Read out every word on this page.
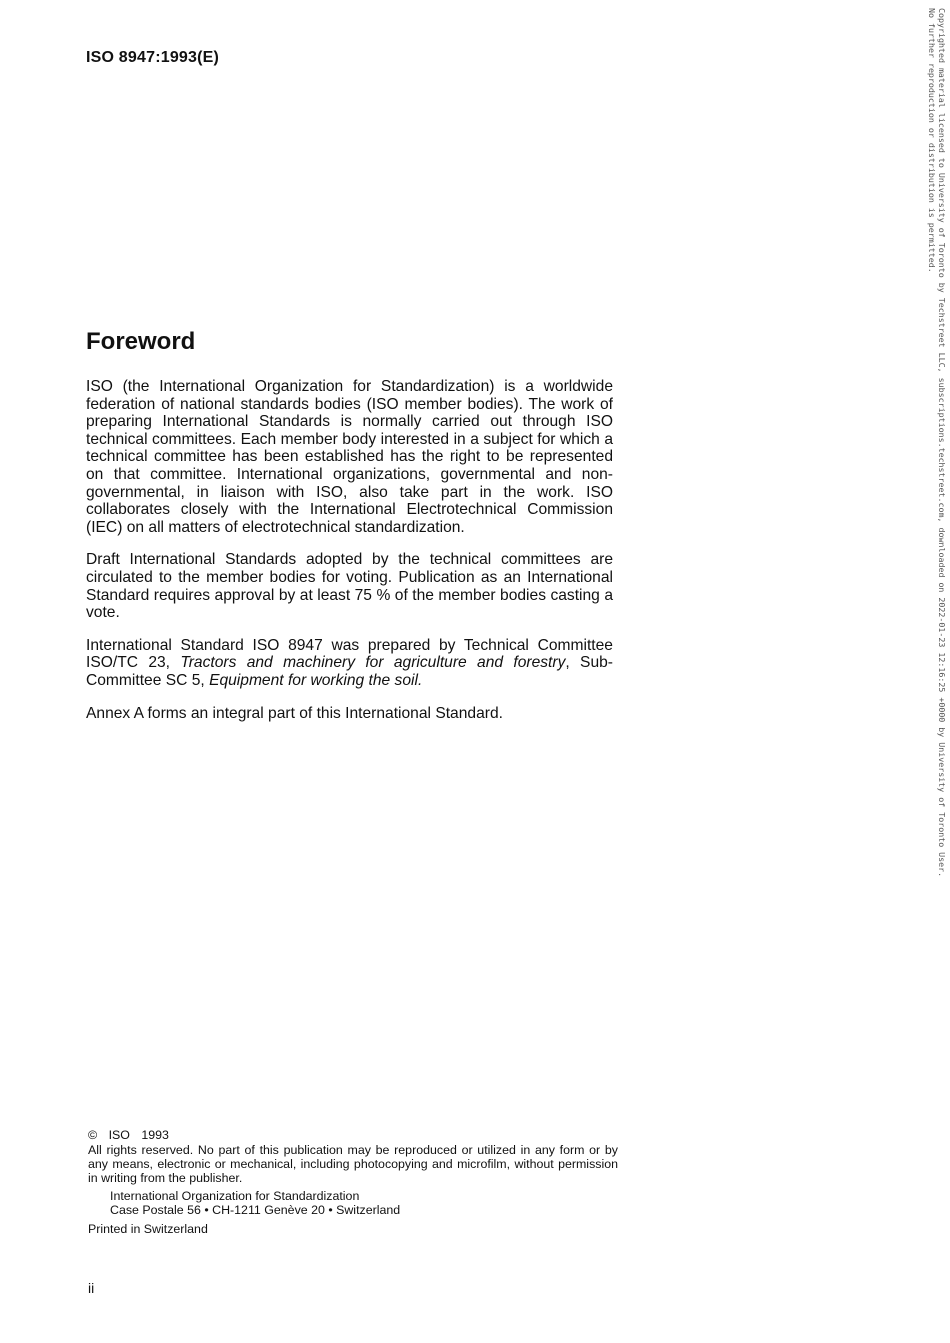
ISO 8947:1993(E)
Foreword

ISO (the International Organization for Standardization) is a worldwide federation of national standards bodies (ISO member bodies). The work of preparing International Standards is normally carried out through ISO technical committees. Each member body interested in a subject for which a technical committee has been established has the right to be represented on that committee. International organizations, governmental and non-governmental, in liaison with ISO, also take part in the work. ISO collaborates closely with the International Electrotechnical Commission (IEC) on all matters of electrotechnical standardization.

Draft International Standards adopted by the technical committees are circulated to the member bodies for voting. Publication as an International Standard requires approval by at least 75 % of the member bodies casting a vote.

International Standard ISO 8947 was prepared by Technical Committee ISO/TC 23, Tractors and machinery for agriculture and forestry, Sub-Committee SC 5, Equipment for working the soil.

Annex A forms an integral part of this International Standard.

© ISO 1993
All rights reserved. No part of this publication may be reproduced or utilized in any form or by any means, electronic or mechanical, including photocopying and microfilm, without permission in writing from the publisher.
International Organization for Standardization
Case Postale 56 • CH-1211 Genève 20 • Switzerland
Printed in Switzerland
ii
Copyrighted material licensed to University of Toronto by Techstreet LLC, subscriptions.techstreet.com, downloaded on 2022-01-23 12:16:25 +0000 by University of Toronto User.
No further reproduction or distribution is permitted.
